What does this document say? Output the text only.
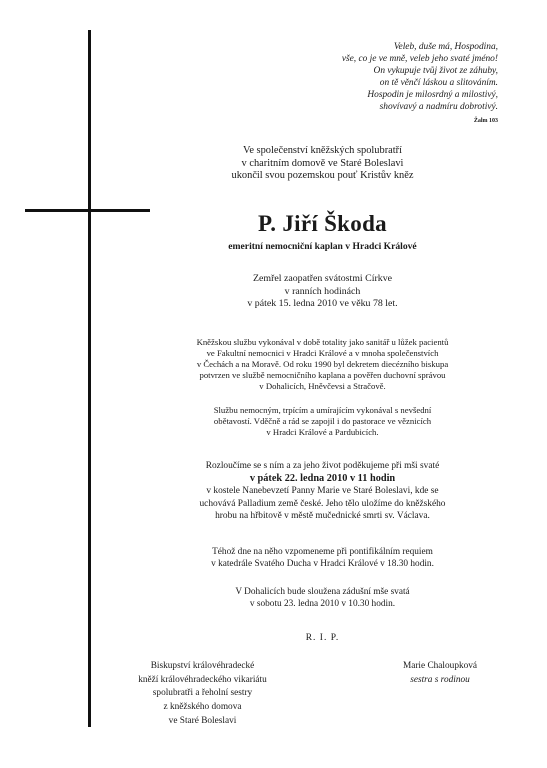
Veleb, duše má, Hospodina,
vše, co je ve mně, veleb jeho svaté jméno!
On vykupuje tvůj život ze záhuby,
on tě věnčí láskou a slitováním.
Hospodin je milosrdný a milostivý,
shovívavý a nadmíru dobrotivý.
Žalm 103
Ve společenství kněžských spolubratří
v charitním domově ve Staré Boleslavi
ukončil svou pozemskou pouť Kristův kněz
P. Jiří Škoda
emeritní nemocniční kaplan v Hradci Králové
Zemřel zaopatřen svátostmi Církve
v ranních hodinách
v pátek 15. ledna 2010 ve věku 78 let.
Kněžskou službu vykonával v době totality jako sanitář u lůžek pacientů
ve Fakultní nemocnici v Hradci Králové a v mnoha společenstvích
v Čechách a na Moravě. Od roku 1990 byl dekretem diecézního biskupa
potvrzen ve službě nemocničního kaplana a pověřen duchovní správou
v Dohalicích, Hněvčevsi a Stračově.
Službu nemocným, trpícím a umírajícím vykonával s nevšední
obětavostí. Vděčně a rád se zapojil i do pastorace ve věznicích
v Hradci Králové a Pardubicích.
Rozloučíme se s ním a za jeho život poděkujeme při mši svaté
v pátek 22. ledna 2010 v 11 hodin
v kostele Nanebevzetí Panny Marie ve Staré Boleslavi, kde se
uchovává Palladium země české. Jeho tělo uložíme do kněžského
hrobu na hřbitově v městě mučednické smrti sv. Václava.
Téhož dne na něho vzpomeneme při pontifikálním requiem
v katedrále Svatého Ducha v Hradci Králové v 18.30 hodin.
V Dohalicích bude sloužena zádušní mše svatá
v sobotu 23. ledna 2010 v 10.30 hodin.
R. I. P.
Biskupství královéhradecké
kněží královéhradeckého vikariátu
spolubratři a řeholní sestry
z kněžského domova
ve Staré Boleslavi
Marie Chaloupková
sestra s rodinou
